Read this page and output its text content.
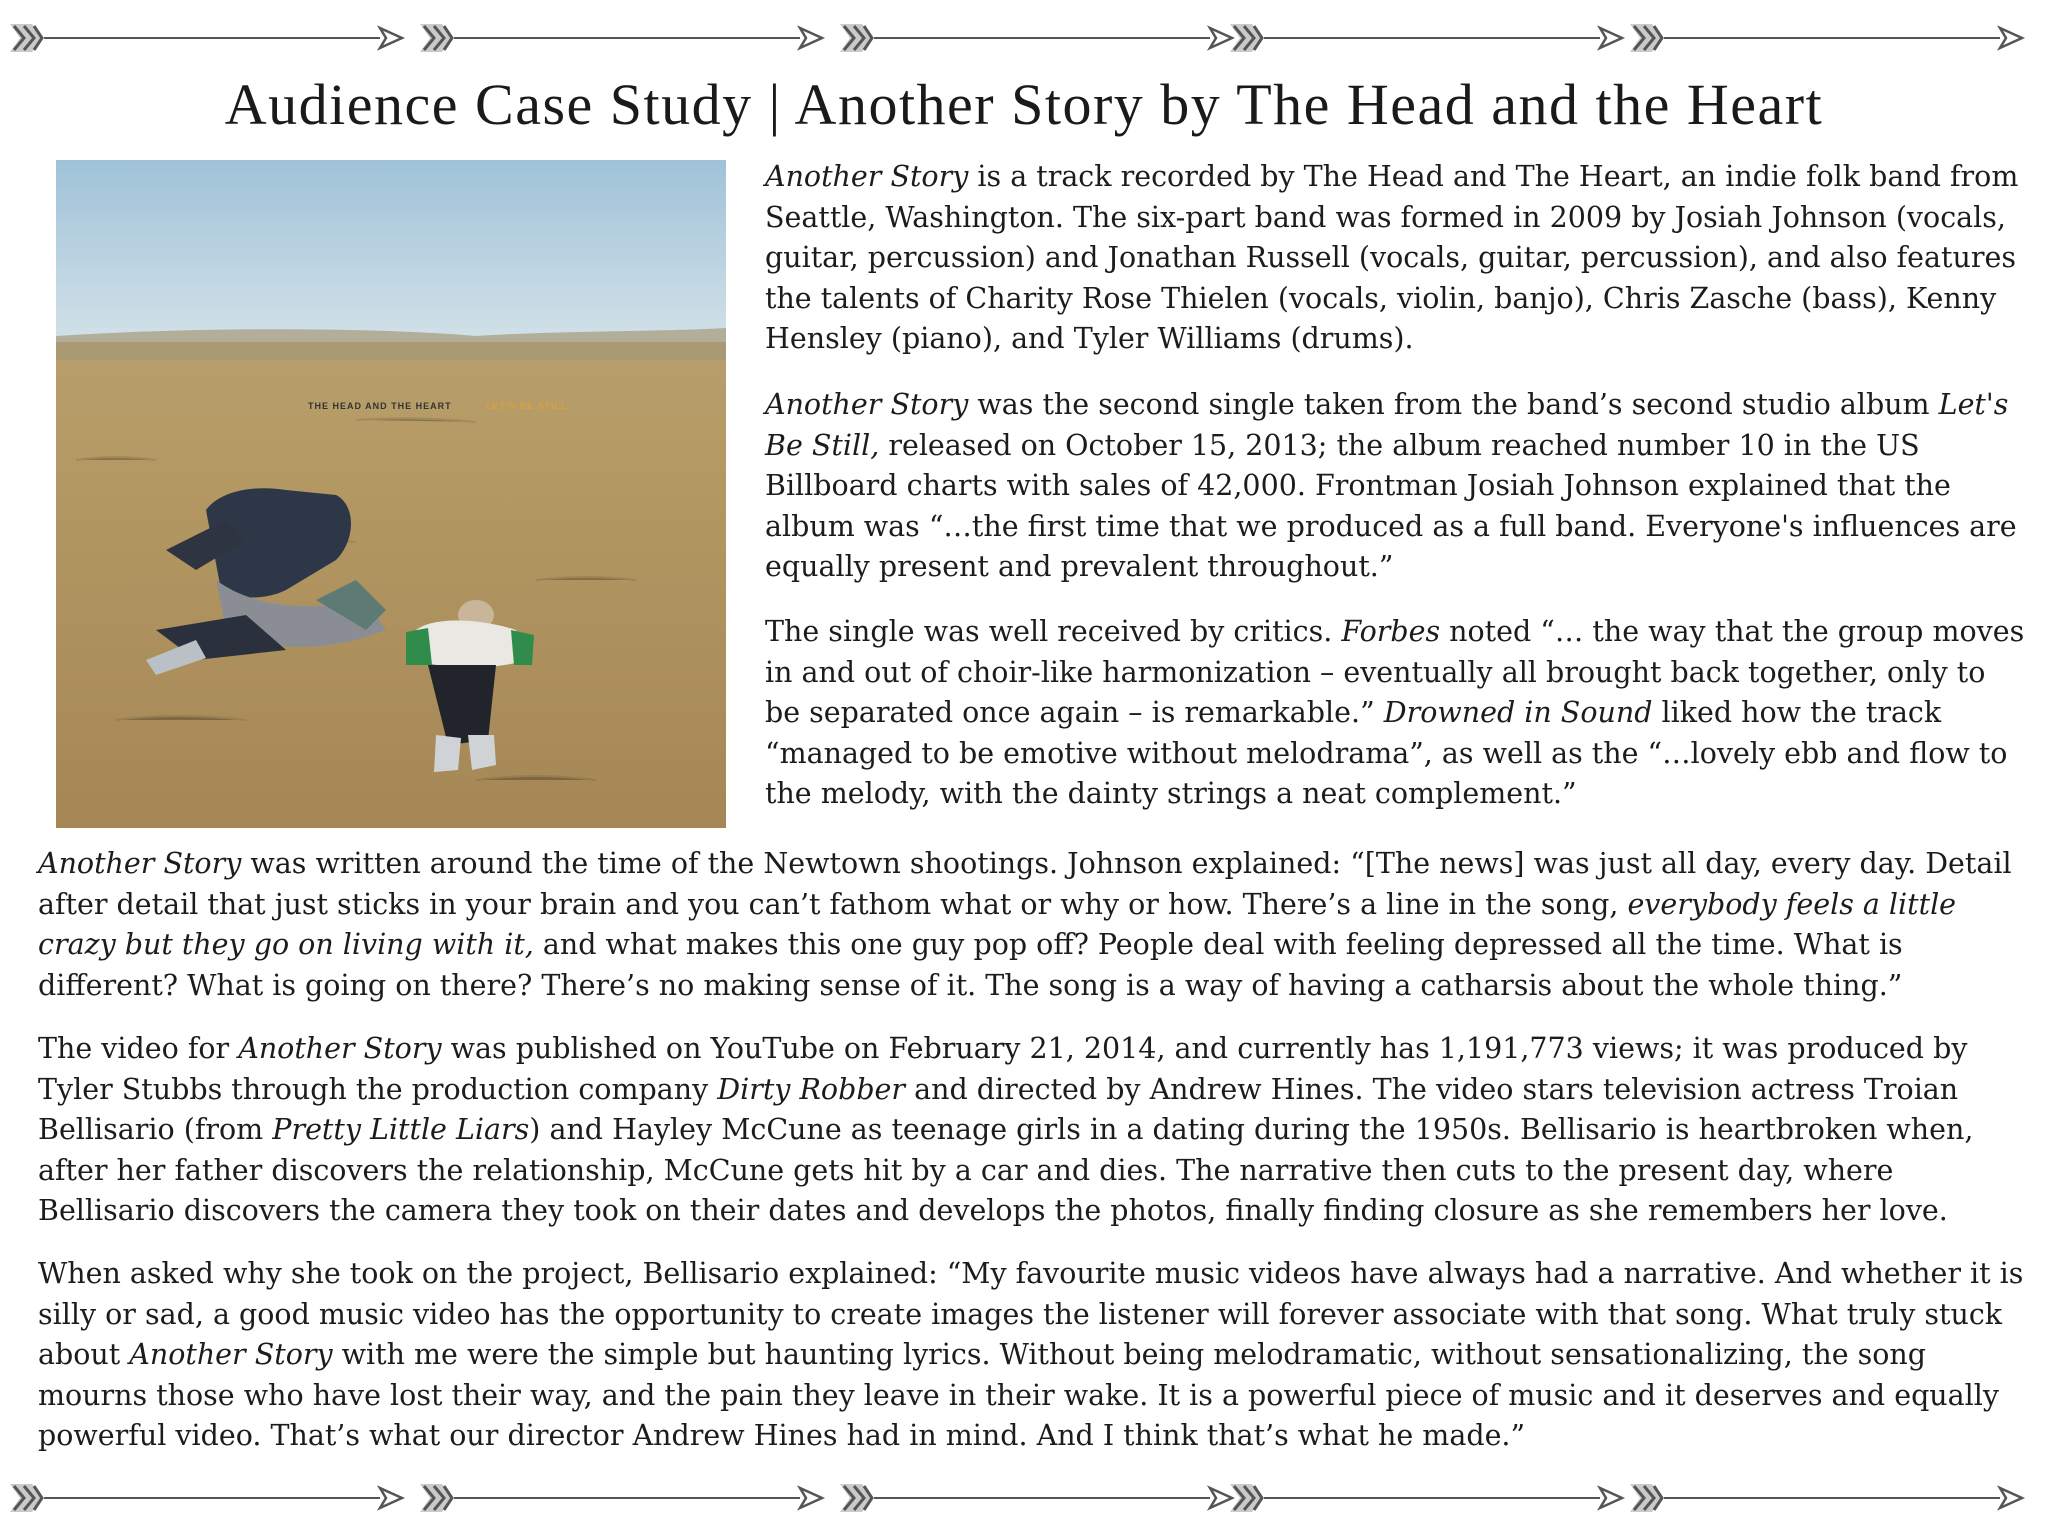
Audience Case Study | Another Story by The Head and the Heart
THE HEAD AND THE HEART	LET'S BE STILL

Another Story is a track recorded by The Head and The Heart, an indie folk band from Seattle, Washington. The six-part band was formed in 2009 by Josiah Johnson (vocals, guitar, percussion) and Jonathan Russell (vocals, guitar, percussion), and also features the talents of Charity Rose Thielen (vocals, violin, banjo), Chris Zasche (bass), Kenny Hensley (piano), and Tyler Williams (drums).

Another Story was the second single taken from the band’s second studio album Let's Be Still, released on October 15, 2013; the album reached number 10 in the US Billboard charts with sales of 42,000. Frontman Josiah Johnson explained that the album was “…the first time that we produced as a full band. Everyone's influences are equally present and prevalent throughout.”

The single was well received by critics. Forbes noted “… the way that the group moves in and out of choir-like harmonization – eventually all brought back together, only to be separated once again – is remarkable.” Drowned in Sound liked how the track “managed to be emotive without melodrama”, as well as the “…lovely ebb and flow to the melody, with the dainty strings a neat complement.”

Another Story was written around the time of the Newtown shootings. Johnson explained: “[The news] was just all day, every day. Detail after detail that just sticks in your brain and you can’t fathom what or why or how. There’s a line in the song, everybody feels a little crazy but they go on living with it, and what makes this one guy pop off? People deal with feeling depressed all the time. What is different? What is going on there? There’s no making sense of it. The song is a way of having a catharsis about the whole thing.”

The video for Another Story was published on YouTube on February 21, 2014, and currently has 1,191,773 views; it was produced by Tyler Stubbs through the production company Dirty Robber and directed by Andrew Hines. The video stars television actress Troian Bellisario (from Pretty Little Liars) and Hayley McCune as teenage girls in a dating during the 1950s. Bellisario is heartbroken when, after her father discovers the relationship, McCune gets hit by a car and dies. The narrative then cuts to the present day, where Bellisario discovers the camera they took on their dates and develops the photos, finally finding closure as she remembers her love.

When asked why she took on the project, Bellisario explained: “My favourite music videos have always had a narrative. And whether it is silly or sad, a good music video has the opportunity to create images the listener will forever associate with that song. What truly stuck about Another Story with me were the simple but haunting lyrics. Without being melodramatic, without sensationalizing, the song mourns those who have lost their way, and the pain they leave in their wake. It is a powerful piece of music and it deserves and equally powerful video. That’s what our director Andrew Hines had in mind. And I think that’s what he made.”
